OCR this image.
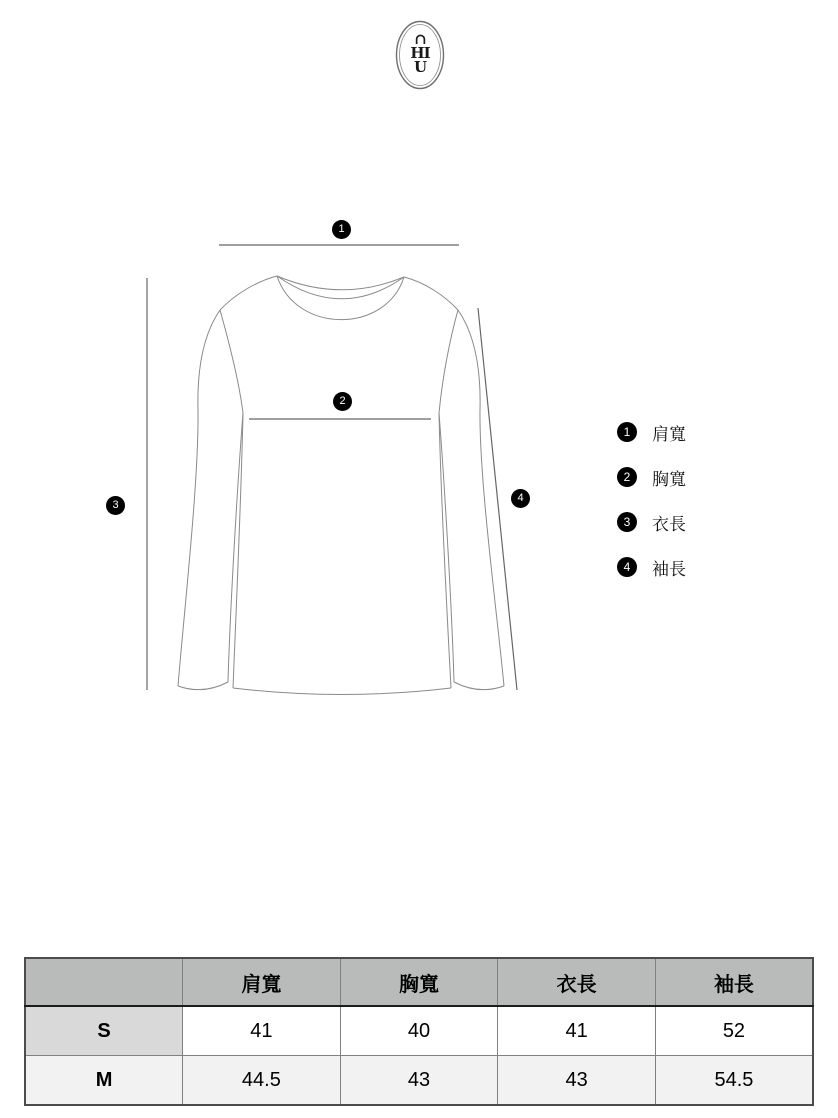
∩
HI
U
1
2
3
4
1	肩寬
2	胸寬
3	衣長
4	袖長
	肩寬	胸寬	衣長	袖長
S	41	40	41	52
M	44.5	43	43	54.5
